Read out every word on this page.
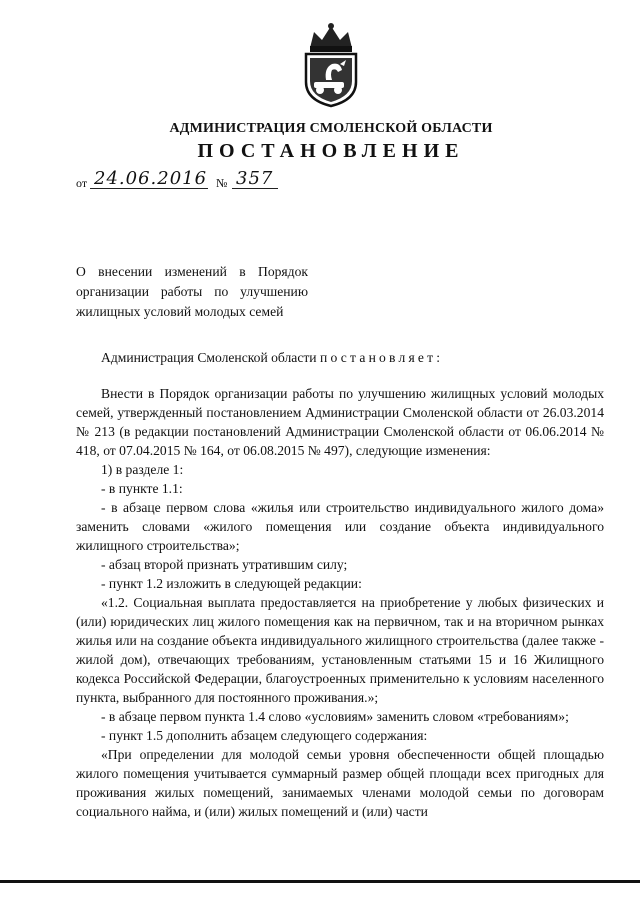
АДМИНИСТРАЦИЯ СМОЛЕНСКОЙ ОБЛАСТИ
ПОСТАНОВЛЕНИЕ
от 24.06.2016 № 357
О внесении изменений в Порядок организации работы по улучшению жилищных условий молодых семей
Администрация Смоленской области постановляет:

Внести в Порядок организации работы по улучшению жилищных условий молодых семей, утвержденный постановлением Администрации Смоленской области от 26.03.2014 № 213 (в редакции постановлений Администрации Смоленской области от 06.06.2014 № 418, от 07.04.2015 № 164, от 06.08.2015 № 497), следующие изменения:

1) в разделе 1:

- в пункте 1.1:

- в абзаце первом слова «жилья или строительство индивидуального жилого дома» заменить словами «жилого помещения или создание объекта индивидуального жилищного строительства»;

- абзац второй признать утратившим силу;

- пункт 1.2 изложить в следующей редакции:

«1.2. Социальная выплата предоставляется на приобретение у любых физических и (или) юридических лиц жилого помещения как на первичном, так и на вторичном рынках жилья или на создание объекта индивидуального жилищного строительства (далее также - жилой дом), отвечающих требованиям, установленным статьями 15 и 16 Жилищного кодекса Российской Федерации, благоустроенных применительно к условиям населенного пункта, выбранного для постоянного проживания.»;

- в абзаце первом пункта 1.4 слово «условиям» заменить словом «требованиям»;

- пункт 1.5 дополнить абзацем следующего содержания:

«При определении для молодой семьи уровня обеспеченности общей площадью жилого помещения учитывается суммарный размер общей площади всех пригодных для проживания жилых помещений, занимаемых членами молодой семьи по договорам социального найма, и (или) жилых помещений и (или) части
